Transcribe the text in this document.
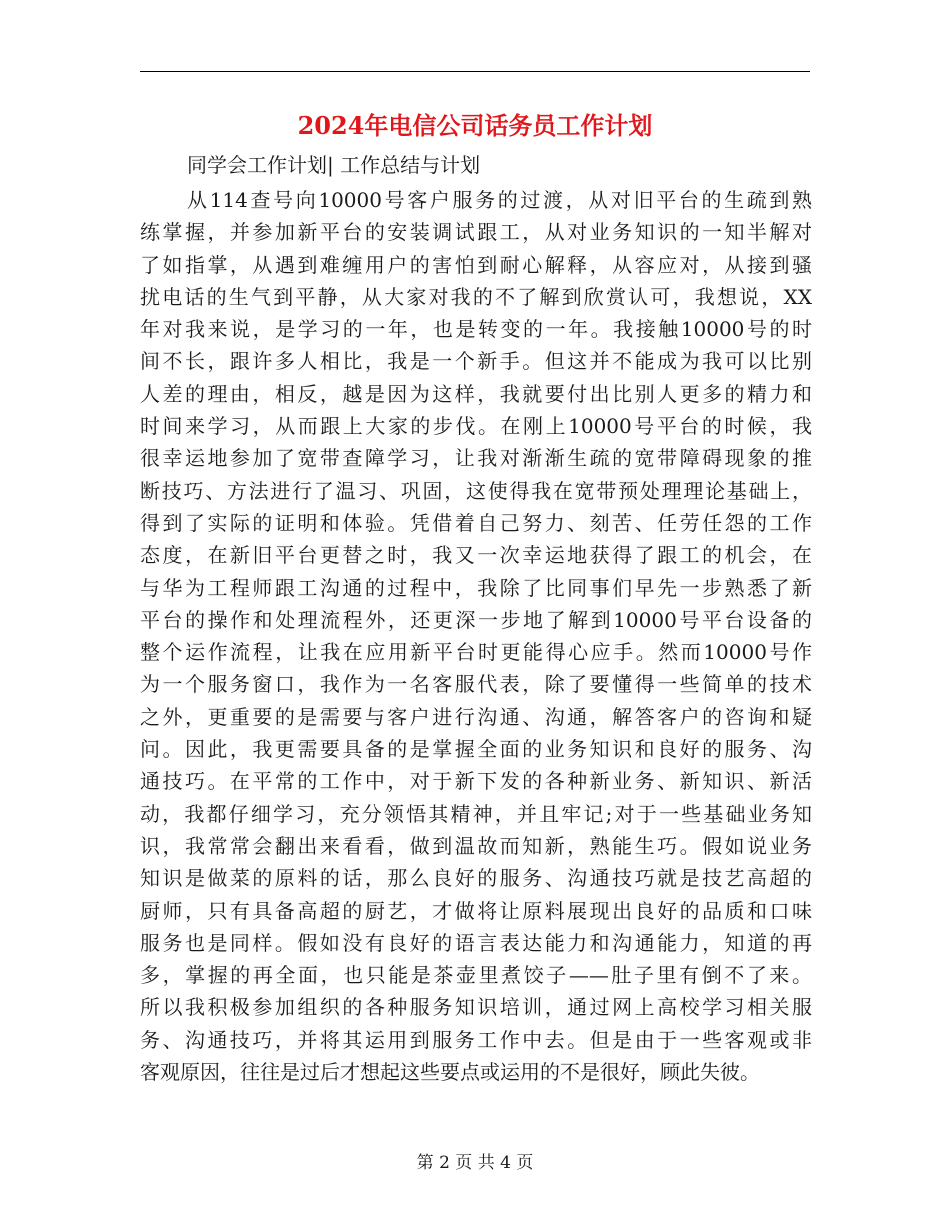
2024年电信公司话务员工作计划
同学会工作计划| 工作总结与计划
从114查号向10000号客户服务的过渡，从对旧平台的生疏到熟
练掌握，并参加新平台的安装调试跟工，从对业务知识的一知半解对
了如指掌，从遇到难缠用户的害怕到耐心解释，从容应对，从接到骚
扰电话的生气到平静，从大家对我的不了解到欣赏认可，我想说，XX
年对我来说，是学习的一年，也是转变的一年。我接触10000号的时
间不长，跟许多人相比，我是一个新手。但这并不能成为我可以比别
人差的理由，相反，越是因为这样，我就要付出比别人更多的精力和
时间来学习，从而跟上大家的步伐。在刚上10000号平台的时候，我
很幸运地参加了宽带查障学习，让我对渐渐生疏的宽带障碍现象的推
断技巧、方法进行了温习、巩固，这使得我在宽带预处理理论基础上，
得到了实际的证明和体验。凭借着自己努力、刻苦、任劳任怨的工作
态度，在新旧平台更替之时，我又一次幸运地获得了跟工的机会，在
与华为工程师跟工沟通的过程中，我除了比同事们早先一步熟悉了新
平台的操作和处理流程外，还更深一步地了解到10000号平台设备的
整个运作流程，让我在应用新平台时更能得心应手。然而10000号作
为一个服务窗口，我作为一名客服代表，除了要懂得一些简单的技术
之外，更重要的是需要与客户进行沟通、沟通，解答客户的咨询和疑
问。因此，我更需要具备的是掌握全面的业务知识和良好的服务、沟
通技巧。在平常的工作中，对于新下发的各种新业务、新知识、新活
动，我都仔细学习，充分领悟其精神，并且牢记;对于一些基础业务知
识，我常常会翻出来看看，做到温故而知新，熟能生巧。假如说业务
知识是做菜的原料的话，那么良好的服务、沟通技巧就是技艺高超的
厨师，只有具备高超的厨艺，才做将让原料展现出良好的品质和口味
服务也是同样。假如没有良好的语言表达能力和沟通能力，知道的再
多，掌握的再全面，也只能是茶壶里煮饺子——肚子里有倒不了来。
所以我积极参加组织的各种服务知识培训，通过网上高校学习相关服
务、沟通技巧，并将其运用到服务工作中去。但是由于一些客观或非
客观原因，往往是过后才想起这些要点或运用的不是很好，顾此失彼。
第 2 页 共 4 页
